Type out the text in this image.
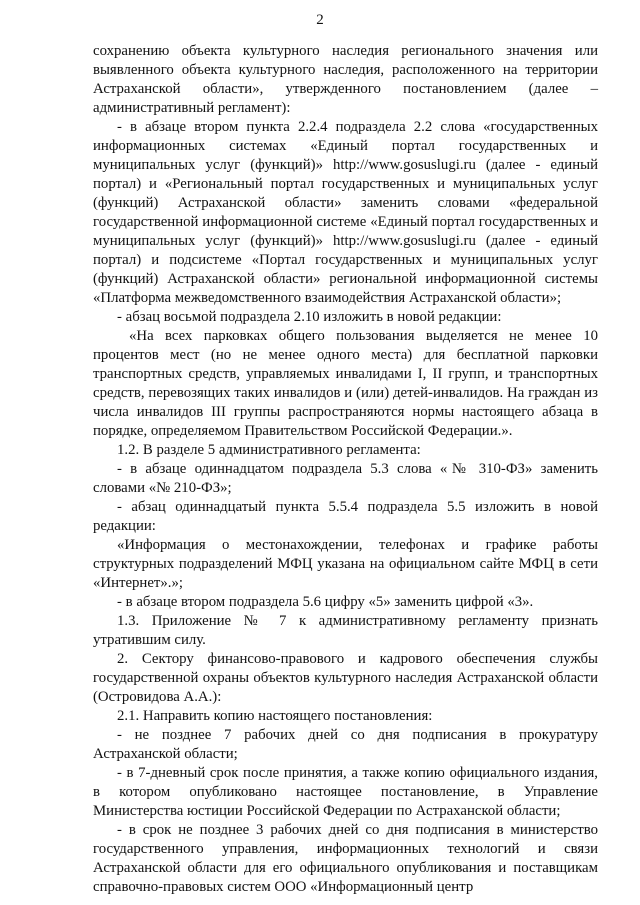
2

сохранению объекта культурного наследия регионального значения или выявленного объекта культурного наследия, расположенного на территории Астраханской области», утвержденного постановлением (далее – административный регламент):

- в абзаце втором пункта 2.2.4 подраздела 2.2 слова «государственных информационных системах «Единый портал государственных и муниципальных услуг (функций)» http://www.gosuslugi.ru (далее - единый портал) и «Региональный портал государственных и муниципальных услуг (функций) Астраханской области» заменить словами «федеральной государственной информационной системе «Единый портал государственных и муниципальных услуг (функций)» http://www.gosuslugi.ru (далее - единый портал) и подсистеме «Портал государственных и муниципальных услуг (функций) Астраханской области» региональной информационной системы «Платформа межведомственного взаимодействия Астраханской области»;

- абзац восьмой подраздела 2.10 изложить в новой редакции:

«На всех парковках общего пользования выделяется не менее 10 процентов мест (но не менее одного места) для бесплатной парковки транспортных средств, управляемых инвалидами I, II групп, и транспортных средств, перевозящих таких инвалидов и (или) детей-инвалидов. На граждан из числа инвалидов III группы распространяются нормы настоящего абзаца в порядке, определяемом Правительством Российской Федерации.».

1.2. В разделе 5 административного регламента:

- в абзаце одиннадцатом подраздела 5.3 слова «№ 310-ФЗ» заменить словами «№ 210-ФЗ»;

- абзац одиннадцатый пункта 5.5.4 подраздела 5.5 изложить в новой редакции:

«Информация о местонахождении, телефонах и графике работы структурных подразделений МФЦ указана на официальном сайте МФЦ в сети «Интернет».»;

- в абзаце втором подраздела 5.6 цифру «5» заменить цифрой «3».

1.3. Приложение № 7 к административному регламенту признать утратившим силу.

2. Сектору финансово-правового и кадрового обеспечения службы государственной охраны объектов культурного наследия Астраханской области (Островидова А.А.):

2.1. Направить копию настоящего постановления:

- не позднее 7 рабочих дней со дня подписания в прокуратуру Астраханской области;

- в 7-дневный срок после принятия, а также копию официального издания, в котором опубликовано настоящее постановление, в Управление Министерства юстиции Российской Федерации по Астраханской области;

- в срок не позднее 3 рабочих дней со дня подписания в министерство государственного управления, информационных технологий и связи Астраханской области для его официального опубликования и поставщикам справочно-правовых систем ООО «Информационный центр
